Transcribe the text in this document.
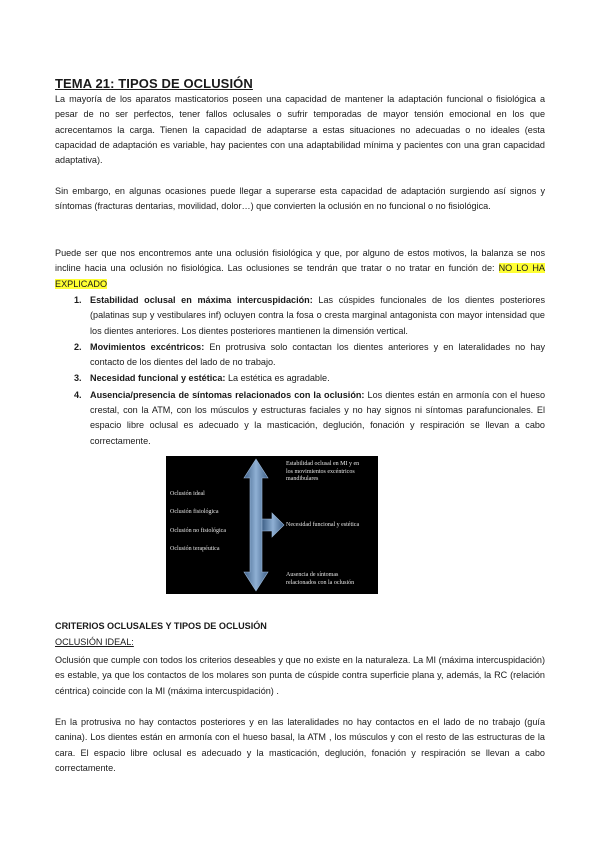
TEMA 21: TIPOS DE OCLUSIÓN
La mayoría de los aparatos masticatorios poseen una capacidad de mantener la adaptación funcional o fisiológica a pesar de no ser perfectos, tener fallos oclusales o sufrir temporadas de mayor tensión emocional en los que acrecentamos la carga. Tienen la capacidad de adaptarse a estas situaciones no adecuadas o no ideales (esta capacidad de adaptación es variable, hay pacientes con una adaptabilidad mínima y pacientes con una gran capacidad adaptativa).
Sin embargo, en algunas ocasiones puede llegar a superarse esta capacidad de adaptación surgiendo así signos y síntomas (fracturas dentarias, movilidad, dolor…) que convierten la oclusión en no funcional o no fisiológica.
Puede ser que nos encontremos ante una oclusión fisiológica y que, por alguno de estos motivos, la balanza se nos incline hacia una oclusión no fisiológica. Las oclusiones se tendrán que tratar o no tratar en función de: NO LO HA EXPLICADO
1. Estabilidad oclusal en máxima intercuspidación: Las cúspides funcionales de los dientes posteriores (palatinas sup y vestibulares inf) ocluyen contra la fosa o cresta marginal antagonista con mayor intensidad que los dientes anteriores. Los dientes posteriores mantienen la dimensión vertical.
2. Movimientos excéntricos: En protrusiva solo contactan los dientes anteriores y en lateralidades no hay contacto de los dientes del lado de no trabajo.
3. Necesidad funcional y estética: La estética es agradable.
4. Ausencia/presencia de síntomas relacionados con la oclusión: Los dientes están en armonía con el hueso crestal, con la ATM, con los músculos y estructuras faciales y no hay signos ni síntomas parafuncionales. El espacio libre oclusal es adecuado y la masticación, deglución, fonación y respiración se llevan a cabo correctamente.
Oclusión ideal
Oclusión fisiológica
Oclusión no fisiológica
Oclusión terapéutica
Estabilidad oclusal en MI y en
los movimientos excéntricos
mandibulares
Necesidad funcional y estética
Ausencia de síntomas
relacionados con la oclusión
CRITERIOS OCLUSALES Y TIPOS DE OCLUSIÓN
OCLUSIÓN IDEAL:
Oclusión que cumple con todos los criterios deseables y que no existe en la naturaleza. La MI (máxima intercuspidación) es estable, ya que los contactos de los molares son punta de cúspide contra superficie plana y, además, la RC (relación céntrica) coincide con la MI (máxima intercuspidación) .
En la protrusiva no hay contactos posteriores y en las lateralidades no hay contactos en el lado de no trabajo (guía canina). Los dientes están en armonía con el hueso basal, la ATM , los músculos y con el resto de las estructuras de la cara. El espacio libre oclusal es adecuado y la masticación, deglución, fonación y respiración se llevan a cabo correctamente.
